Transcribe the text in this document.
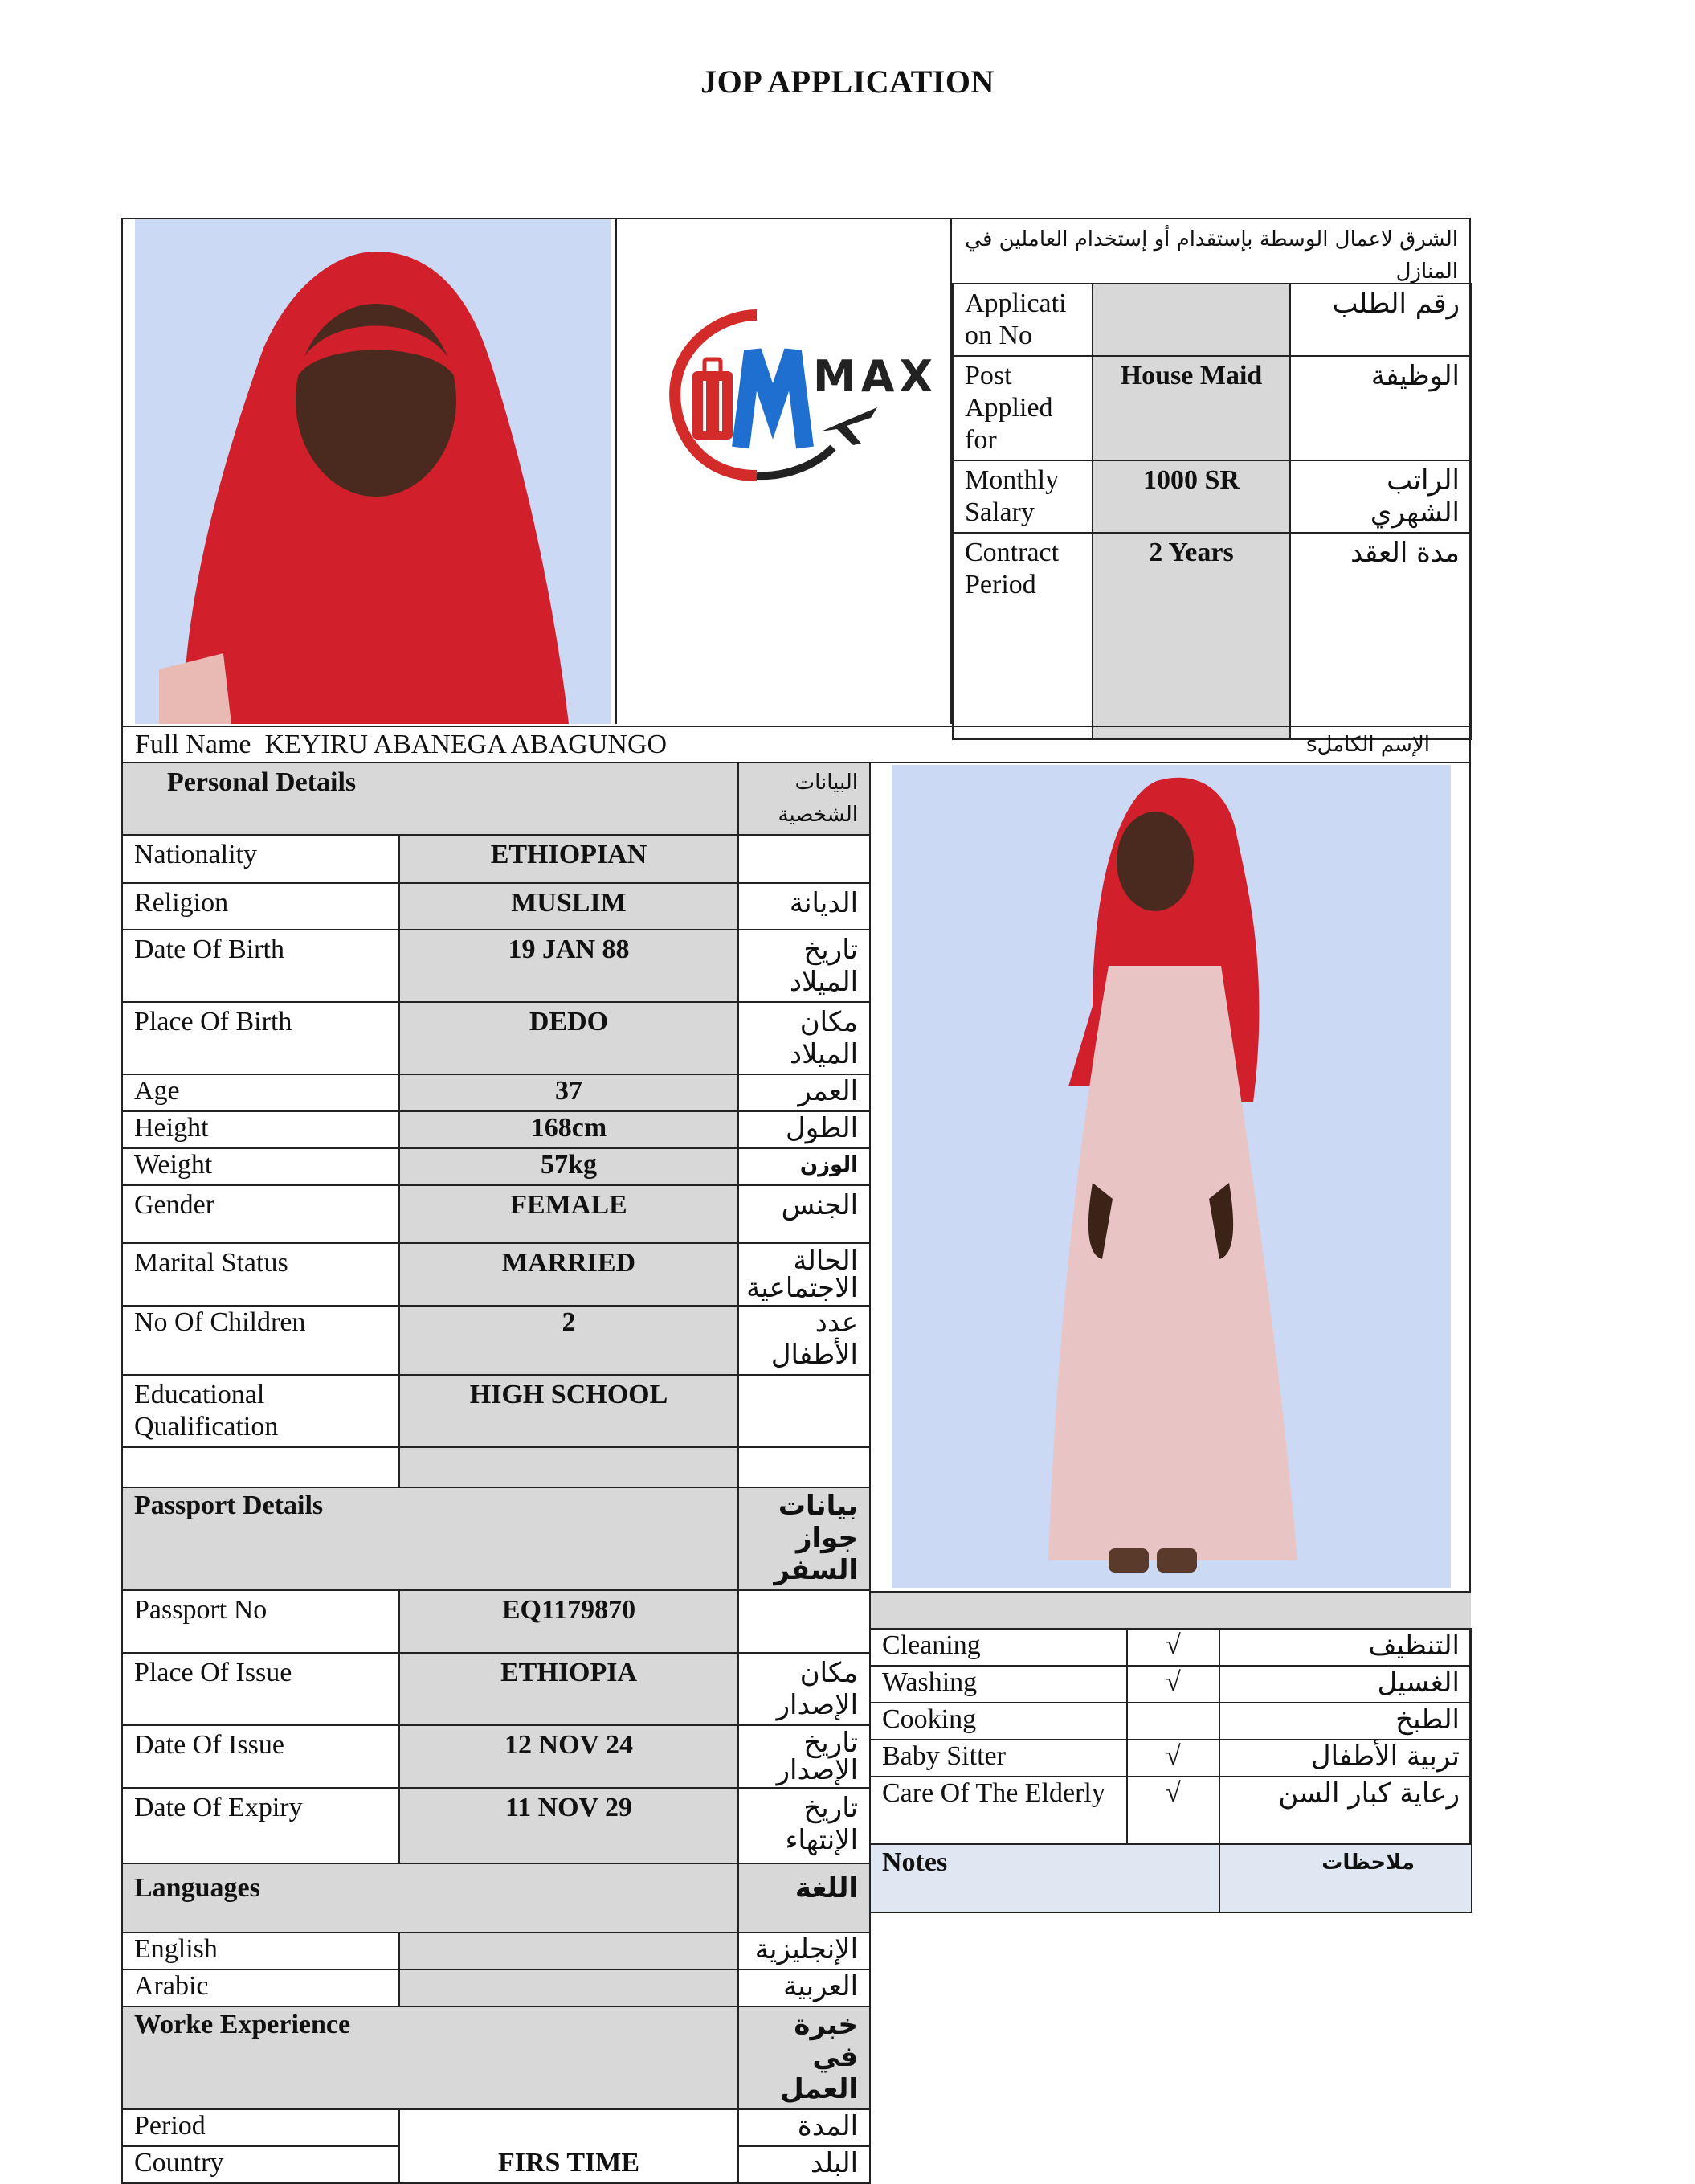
JOP APPLICATION
MAX
الشرق لاعمال الوسطة بإستقدام أو إستخدام العاملين في المنازل
Applicati
on No		رقم الطلب
Post
Applied
for	House Maid	الوظيفة
Monthly
Salary	1000 SR	الراتب الشهري
Contract
Period	2 Years	مدة العقد
Full Name KEYIRU ABANEGA ABAGUNGO	الإسم الكاملs
Personal Details		البيانات الشخصية
Nationality	ETHIOPIAN	
Religion	MUSLIM	الديانة
Date Of Birth	19 JAN 88	تاريخ الميلاد
Place Of Birth	DEDO	مكان الميلاد
Age	37	العمر
Height	168cm	الطول
Weight	57kg	الوزن
Gender	FEMALE	الجنس
Marital Status	MARRIED	الحالة الاجتماعية
No Of Children	2	عدد الأطفال
Educational Qualification	HIGH SCHOOL	

Passport Details		بيانات جواز السفر
Passport No	EQ1179870	
Place Of Issue	ETHIOPIA	مكان الإصدار
Date Of Issue	12 NOV 24	تاريخ الإصدار
Date Of Expiry	11 NOV 29	تاريخ الإنتهاء
Languages		اللغة
English		الإنجليزية
Arabic		العربية
Worke Experience		خبرة في العمل
Period	FIRS TIME	المدة
Country		البلد
Cleaning	√	التنظيف
Washing	√	الغسيل
Cooking		الطبخ
Baby Sitter	√	تربية الأطفال
Care Of The Elderly	√	رعاية كبار السن
Notes		ملاحظات
